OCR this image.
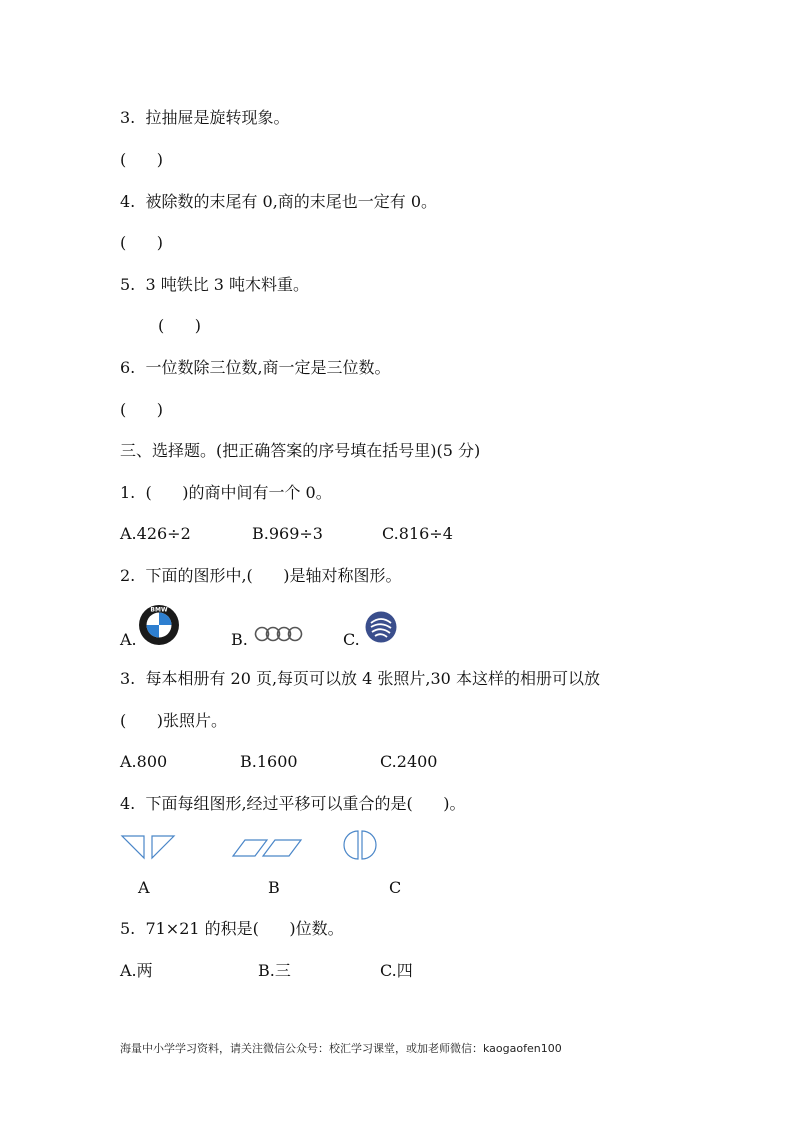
3.  拉抽屉是旋转现象。
(      )
4.  被除数的末尾有 0,商的末尾也一定有 0。
(      )
5.  3 吨铁比 3 吨木料重。
(      )
6.  一位数除三位数,商一定是三位数。
(      )
三、选择题。(把正确答案的序号填在括号里)(5 分)
1.  (      )的商中间有一个 0。
A.426÷2	B.969÷3	C.816÷4
2.  下面的图形中,(      )是轴对称图形。
A.
BMW
B.	C.
3.  每本相册有 20 页,每页可以放 4 张照片,30 本这样的相册可以放
(      )张照片。
A.800	B.1600	C.2400
4.  下面每组图形,经过平移可以重合的是(      )。
A	B	C
5.  71×21 的积是(      )位数。
A.两	B.三	C.四
海量中小学学习资料，请关注微信公众号：校汇学习课堂，或加老师微信：kaogaofen100
